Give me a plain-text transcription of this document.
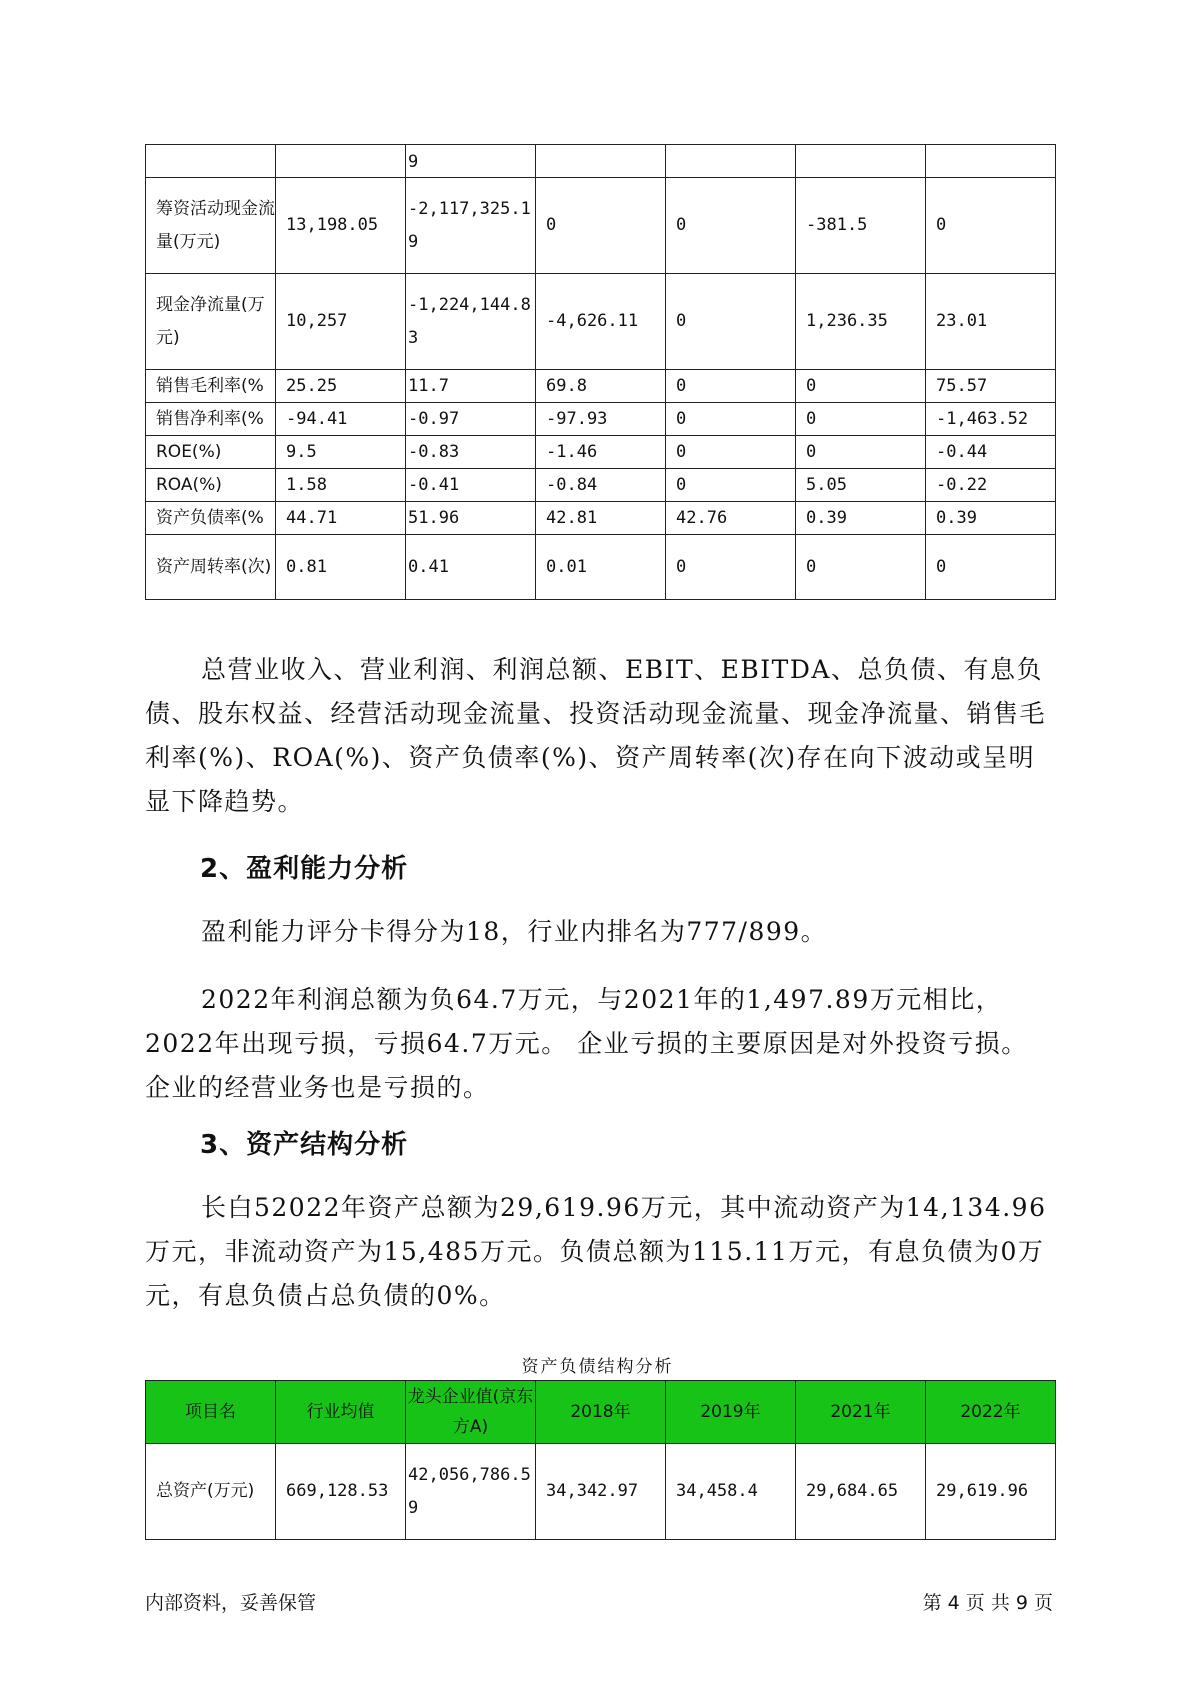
		9				
筹资活动现金流量(万元)	13,198.05	-2,117,325.19	0	0	-381.5	0
现金净流量(万元)	10,257	-1,224,144.83	-4,626.11	0	1,236.35	23.01
销售毛利率(%	25.25	11.7	69.8	0	0	75.57
销售净利率(%	-94.41	-0.97	-97.93	0	0	-1,463.52
ROE(%)	9.5	-0.83	-1.46	0	0	-0.44
ROA(%)	1.58	-0.41	-0.84	0	5.05	-0.22
资产负债率(%	44.71	51.96	42.81	42.76	0.39	0.39
资产周转率(次)	0.81	0.41	0.01	0	0	0

总营业收入、营业利润、利润总额、EBIT、EBITDA、总负债、有息负债、股东权益、经营活动现金流量、投资活动现金流量、现金净流量、销售毛利率(%)、ROA(%)、资产负债率(%)、资产周转率(次)存在向下波动或呈明显下降趋势。

2、盈利能力分析

盈利能力评分卡得分为18，行业内排名为777/899。

2022年利润总额为负64.7万元，与2021年的1,497.89万元相比，2022年出现亏损，亏损64.7万元。 企业亏损的主要原因是对外投资亏损。企业的经营业务也是亏损的。

3、资产结构分析

长白52022年资产总额为29,619.96万元，其中流动资产为14,134.96万元，非流动资产为15,485万元。负债总额为115.11万元，有息负债为0万元，有息负债占总负债的0%。

资产负债结构分析
项目名	行业均值	龙头企业值(京东方A)	2018年	2019年	2021年	2022年
总资产(万元)	669,128.53	42,056,786.59	34,342.97	34,458.4	29,684.65	29,619.96
内部资料，妥善保管	第 4 页 共 9 页
